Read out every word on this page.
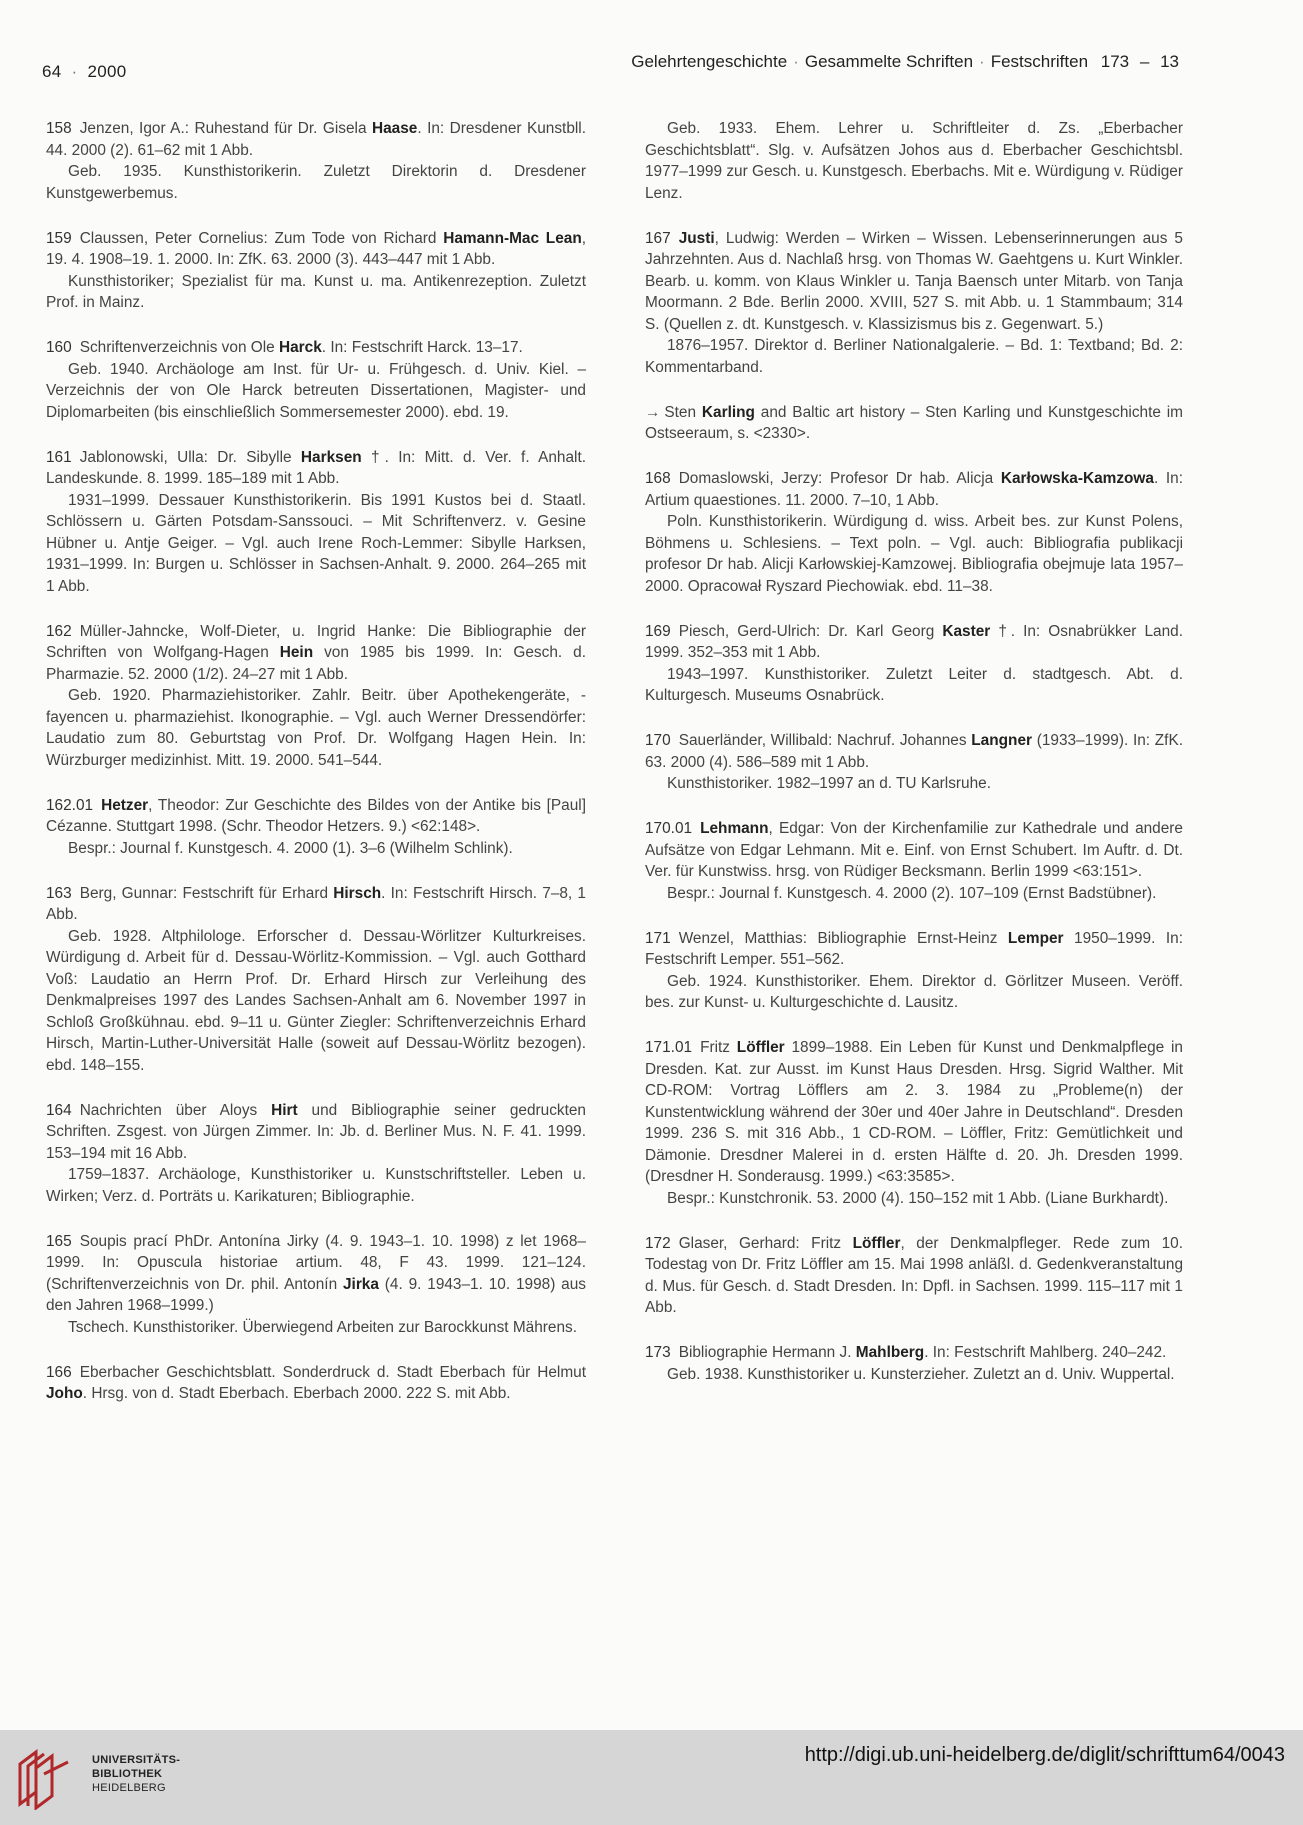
64 · 2000
Gelehrtengeschichte · Gesammelte Schriften · Festschriften 173 – 13

158 Jenzen, Igor A.: Ruhestand für Dr. Gisela Haase. In: Dresdener Kunstbll. 44. 2000 (2). 61–62 mit 1 Abb.

Geb. 1935. Kunsthistorikerin. Zuletzt Direktorin d. Dresdener Kunstgewerbemus.

159 Claussen, Peter Cornelius: Zum Tode von Richard Hamann-Mac Lean, 19. 4. 1908–19. 1. 2000. In: ZfK. 63. 2000 (3). 443–447 mit 1 Abb.

Kunsthistoriker; Spezialist für ma. Kunst u. ma. Antikenrezeption. Zuletzt Prof. in Mainz.

160 Schriftenverzeichnis von Ole Harck. In: Festschrift Harck. 13–17.

Geb. 1940. Archäologe am Inst. für Ur- u. Frühgesch. d. Univ. Kiel. – Verzeichnis der von Ole Harck betreuten Dissertationen, Magister- und Diplomarbeiten (bis einschließlich Sommersemester 2000). ebd. 19.

161 Jablonowski, Ulla: Dr. Sibylle Harksen †. In: Mitt. d. Ver. f. Anhalt. Landeskunde. 8. 1999. 185–189 mit 1 Abb.

1931–1999. Dessauer Kunsthistorikerin. Bis 1991 Kustos bei d. Staatl. Schlössern u. Gärten Potsdam-Sanssouci. – Mit Schriftenverz. v. Gesine Hübner u. Antje Geiger. – Vgl. auch Irene Roch-Lemmer: Sibylle Harksen, 1931–1999. In: Burgen u. Schlösser in Sachsen-Anhalt. 9. 2000. 264–265 mit 1 Abb.

162 Müller-Jahncke, Wolf-Dieter, u. Ingrid Hanke: Die Bibliographie der Schriften von Wolfgang-Hagen Hein von 1985 bis 1999. In: Gesch. d. Pharmazie. 52. 2000 (1/2). 24–27 mit 1 Abb.

Geb. 1920. Pharmaziehistoriker. Zahlr. Beitr. über Apothekengeräte, -fayencen u. pharmaziehist. Ikonographie. – Vgl. auch Werner Dressendörfer: Laudatio zum 80. Geburtstag von Prof. Dr. Wolfgang Hagen Hein. In: Würzburger medizinhist. Mitt. 19. 2000. 541–544.

162.01 Hetzer, Theodor: Zur Geschichte des Bildes von der Antike bis [Paul] Cézanne. Stuttgart 1998. (Schr. Theodor Hetzers. 9.) <62:148>.

Bespr.: Journal f. Kunstgesch. 4. 2000 (1). 3–6 (Wilhelm Schlink).

163 Berg, Gunnar: Festschrift für Erhard Hirsch. In: Festschrift Hirsch. 7–8, 1 Abb.

Geb. 1928. Altphilologe. Erforscher d. Dessau-Wörlitzer Kulturkreises. Würdigung d. Arbeit für d. Dessau-Wörlitz-Kommission. – Vgl. auch Gotthard Voß: Laudatio an Herrn Prof. Dr. Erhard Hirsch zur Verleihung des Denkmalpreises 1997 des Landes Sachsen-Anhalt am 6. November 1997 in Schloß Großkühnau. ebd. 9–11 u. Günter Ziegler: Schriftenverzeichnis Erhard Hirsch, Martin-Luther-Universität Halle (soweit auf Dessau-Wörlitz bezogen). ebd. 148–155.

164 Nachrichten über Aloys Hirt und Bibliographie seiner gedruckten Schriften. Zsgest. von Jürgen Zimmer. In: Jb. d. Berliner Mus. N. F. 41. 1999. 153–194 mit 16 Abb.

1759–1837. Archäologe, Kunsthistoriker u. Kunstschriftsteller. Leben u. Wirken; Verz. d. Porträts u. Karikaturen; Bibliographie.

165 Soupis prací PhDr. Antonína Jirky (4. 9. 1943–1. 10. 1998) z let 1968–1999. In: Opuscula historiae artium. 48, F 43. 1999. 121–124. (Schriftenverzeichnis von Dr. phil. Antonín Jirka (4. 9. 1943–1. 10. 1998) aus den Jahren 1968–1999.)

Tschech. Kunsthistoriker. Überwiegend Arbeiten zur Barockkunst Mährens.

166 Eberbacher Geschichtsblatt. Sonderdruck d. Stadt Eberbach für Helmut Joho. Hrsg. von d. Stadt Eberbach. Eberbach 2000. 222 S. mit Abb.

Geb. 1933. Ehem. Lehrer u. Schriftleiter d. Zs. „Eberbacher Geschichtsblatt“. Slg. v. Aufsätzen Johos aus d. Eberbacher Geschichtsbl. 1977–1999 zur Gesch. u. Kunstgesch. Eberbachs. Mit e. Würdigung v. Rüdiger Lenz.

167 Justi, Ludwig: Werden – Wirken – Wissen. Lebenserinnerungen aus 5 Jahrzehnten. Aus d. Nachlaß hrsg. von Thomas W. Gaehtgens u. Kurt Winkler. Bearb. u. komm. von Klaus Winkler u. Tanja Baensch unter Mitarb. von Tanja Moormann. 2 Bde. Berlin 2000. XVIII, 527 S. mit Abb. u. 1 Stammbaum; 314 S. (Quellen z. dt. Kunstgesch. v. Klassizismus bis z. Gegenwart. 5.)

1876–1957. Direktor d. Berliner Nationalgalerie. – Bd. 1: Textband; Bd. 2: Kommentarband.

→ Sten Karling and Baltic art history – Sten Karling und Kunstgeschichte im Ostseeraum, s. <2330>.

168 Domaslowski, Jerzy: Profesor Dr hab. Alicja Karłowska-Kamzowa. In: Artium quaestiones. 11. 2000. 7–10, 1 Abb.

Poln. Kunsthistorikerin. Würdigung d. wiss. Arbeit bes. zur Kunst Polens, Böhmens u. Schlesiens. – Text poln. – Vgl. auch: Bibliografia publikacji profesor Dr hab. Alicji Karłowskiej-Kamzowej. Bibliografia obejmuje lata 1957–2000. Opracował Ryszard Piechowiak. ebd. 11–38.

169 Piesch, Gerd-Ulrich: Dr. Karl Georg Kaster †. In: Osnabrükker Land. 1999. 352–353 mit 1 Abb.

1943–1997. Kunsthistoriker. Zuletzt Leiter d. stadtgesch. Abt. d. Kulturgesch. Museums Osnabrück.

170 Sauerländer, Willibald: Nachruf. Johannes Langner (1933–1999). In: ZfK. 63. 2000 (4). 586–589 mit 1 Abb.

Kunsthistoriker. 1982–1997 an d. TU Karlsruhe.

170.01 Lehmann, Edgar: Von der Kirchenfamilie zur Kathedrale und andere Aufsätze von Edgar Lehmann. Mit e. Einf. von Ernst Schubert. Im Auftr. d. Dt. Ver. für Kunstwiss. hrsg. von Rüdiger Becksmann. Berlin 1999 <63:151>.

Bespr.: Journal f. Kunstgesch. 4. 2000 (2). 107–109 (Ernst Badstübner).

171 Wenzel, Matthias: Bibliographie Ernst-Heinz Lemper 1950–1999. In: Festschrift Lemper. 551–562.

Geb. 1924. Kunsthistoriker. Ehem. Direktor d. Görlitzer Museen. Veröff. bes. zur Kunst- u. Kulturgeschichte d. Lausitz.

171.01 Fritz Löffler 1899–1988. Ein Leben für Kunst und Denkmalpflege in Dresden. Kat. zur Ausst. im Kunst Haus Dresden. Hrsg. Sigrid Walther. Mit CD-ROM: Vortrag Löfflers am 2. 3. 1984 zu „Probleme(n) der Kunstentwicklung während der 30er und 40er Jahre in Deutschland“. Dresden 1999. 236 S. mit 316 Abb., 1 CD-ROM. – Löffler, Fritz: Gemütlichkeit und Dämonie. Dresdner Malerei in d. ersten Hälfte d. 20. Jh. Dresden 1999. (Dresdner H. Sonderausg. 1999.) <63:3585>.

Bespr.: Kunstchronik. 53. 2000 (4). 150–152 mit 1 Abb. (Liane Burkhardt).

172 Glaser, Gerhard: Fritz Löffler, der Denkmalpfleger. Rede zum 10. Todestag von Dr. Fritz Löffler am 15. Mai 1998 anläßl. d. Gedenkveranstaltung d. Mus. für Gesch. d. Stadt Dresden. In: Dpfl. in Sachsen. 1999. 115–117 mit 1 Abb.

173 Bibliographie Hermann J. Mahlberg. In: Festschrift Mahlberg. 240–242.

Geb. 1938. Kunsthistoriker u. Kunsterzieher. Zuletzt an d. Univ. Wuppertal.

UNIVERSITÄTS-
BIBLIOTHEK
HEIDELBERG
http://digi.ub.uni-heidelberg.de/diglit/schrifttum64/0043
